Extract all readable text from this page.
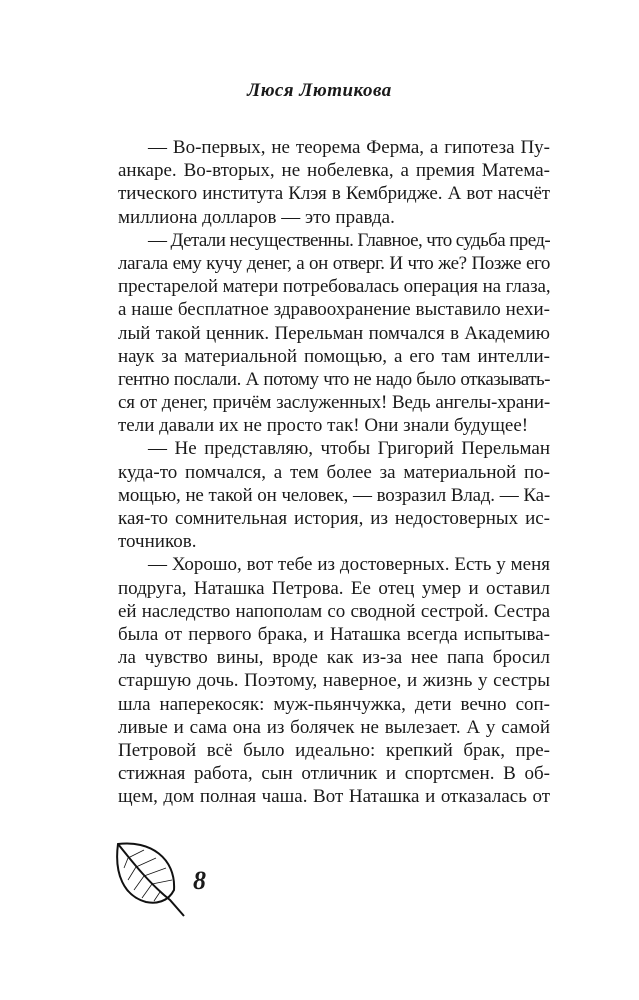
Люся Лютикова
— Во-первых, не теорема Ферма, а гипотеза Пу-
анкаре. Во-вторых, не нобелевка, а премия Матема-
тического института Клэя в Кембридже. А вот насчёт
миллиона долларов — это правда.
— Детали несущественны. Главное, что судьба пред-
лагала ему кучу денег, а он отверг. И что же? Позже его
престарелой матери потребовалась операция на глаза,
а наше бесплатное здравоохранение выставило нехи-
лый такой ценник. Перельман помчался в Академию
наук за материальной помощью, а его там интелли-
гентно послали. А потому что не надо было отказывать-
ся от денег, причём заслуженных! Ведь ангелы-храни-
тели давали их не просто так! Они знали будущее!
— Не представляю, чтобы Григорий Перельман
куда-то помчался, а тем более за материальной по-
мощью, не такой он человек, — возразил Влад. — Ка-
кая-то сомнительная история, из недостоверных ис-
точников.
— Хорошо, вот тебе из достоверных. Есть у меня
подруга, Наташка Петрова. Ее отец умер и оставил
ей наследство напополам со сводной сестрой. Сестра
была от первого брака, и Наташка всегда испытыва-
ла чувство вины, вроде как из-за нее папа бросил
старшую дочь. Поэтому, наверное, и жизнь у сестры
шла наперекосяк: муж-пьянчужка, дети вечно соп-
ливые и сама она из болячек не вылезает. А у самой
Петровой всё было идеально: крепкий брак, пре-
стижная работа, сын отличник и спортсмен. В об-
щем, дом полная чаша. Вот Наташка и отказалась от
8
